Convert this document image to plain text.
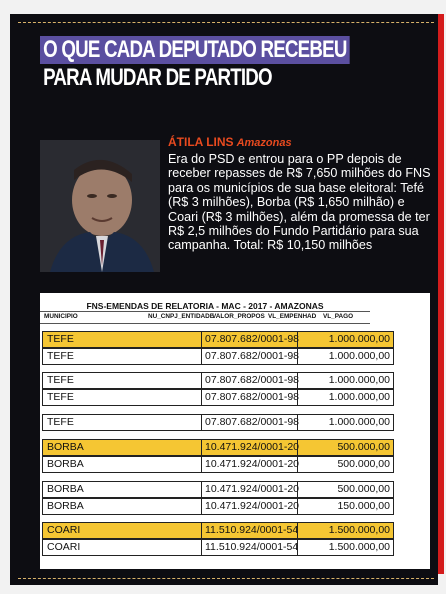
O QUE CADA DEPUTADO RECEBEU
PARA MUDAR DE PARTIDO
ÁTILA LINS Amazonas
Era do PSD e entrou para o PP depois de receber repasses de R$ 7,650 milhões do FNS para os municípios de sua base eleitoral: Tefé (R$ 3 milhões), Borba (R$ 1,650 milhão) e Coari (R$ 3 milhões), além da promessa de ter R$ 2,5 milhões do Fundo Partidário para sua campanha. Total: R$ 10,150 milhões
FNS-EMENDAS DE RELATORIA - MAC - 2017 - AMAZONAS
MUNICIPIO	NU_CNPJ_ENTIDADE
VALOR_PROPOS VL_EMPENHAD VL_PAGO
TEFE	07.807.682/0001-98	1.000.000,00
TEFE	07.807.682/0001-98	1.000.000,00
TEFE	07.807.682/0001-98	1.000.000,00
TEFE	07.807.682/0001-98	1.000.000,00
TEFE	07.807.682/0001-98	1.000.000,00
BORBA	10.471.924/0001-20	500.000,00
BORBA	10.471.924/0001-20	500.000,00
BORBA	10.471.924/0001-20	500.000,00
BORBA	10.471.924/0001-20	150.000,00
COARI	11.510.924/0001-54	1.500.000,00
COARI	11.510.924/0001-54	1.500.000,00
